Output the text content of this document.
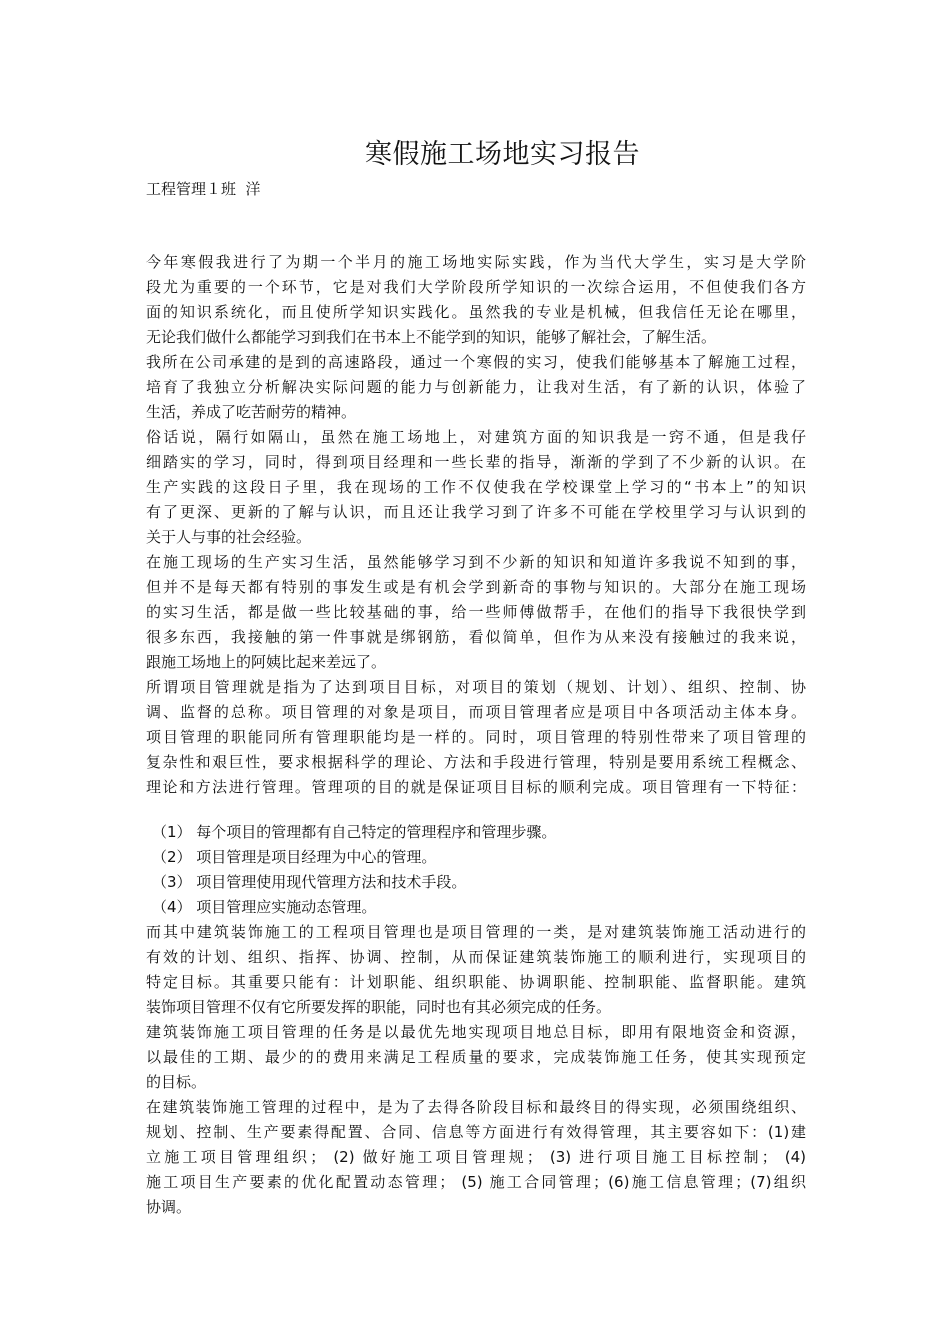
寒假施工场地实习报告
工程管理１班  洋
今年寒假我进行了为期一个半月的施工场地实际实践，作为当代大学生，实习是大学阶
段尤为重要的一个环节，它是对我们大学阶段所学知识的一次综合运用，不但使我们各方
面的知识系统化，而且使所学知识实践化。虽然我的专业是机械，但我信任无论在哪里，
无论我们做什么都能学习到我们在书本上不能学到的知识，能够了解社会，了解生活。
我所在公司承建的是到的高速路段，通过一个寒假的实习，使我们能够基本了解施工过程，
培育了我独立分析解决实际问题的能力与创新能力，让我对生活，有了新的认识，体验了
生活，养成了吃苦耐劳的精神。
俗话说，隔行如隔山，虽然在施工场地上，对建筑方面的知识我是一窍不通，但是我仔
细踏实的学习，同时，得到项目经理和一些长辈的指导，渐渐的学到了不少新的认识。在
生产实践的这段日子里，我在现场的工作不仅使我在学校课堂上学习的“书本上”的知识
有了更深、更新的了解与认识，而且还让我学习到了许多不可能在学校里学习与认识到的
关于人与事的社会经验。
在施工现场的生产实习生活，虽然能够学习到不少新的知识和知道许多我说不知到的事，
但并不是每天都有特别的事发生或是有机会学到新奇的事物与知识的。大部分在施工现场
的实习生活，都是做一些比较基础的事，给一些师傅做帮手，在他们的指导下我很快学到
很多东西，我接触的第一件事就是绑钢筋，看似简单，但作为从来没有接触过的我来说，
跟施工场地上的阿姨比起来差远了。
所谓项目管理就是指为了达到项目目标，对项目的策划（规划、计划）、组织、控制、协
调、监督的总称。项目管理的对象是项目，而项目管理者应是项目中各项活动主体本身。
项目管理的职能同所有管理职能均是一样的。同时，项目管理的特别性带来了项目管理的
复杂性和艰巨性，要求根据科学的理论、方法和手段进行管理，特别是要用系统工程概念、
理论和方法进行管理。管理项的目的就是保证项目目标的顺利完成。项目管理有一下特征：
（1） 每个项目的管理都有自己特定的管理程序和管理步骤。
（2） 项目管理是项目经理为中心的管理。
（3） 项目管理使用现代管理方法和技术手段。
（4） 项目管理应实施动态管理。
而其中建筑装饰施工的工程项目管理也是项目管理的一类，是对建筑装饰施工活动进行的
有效的计划、组织、指挥、协调、控制，从而保证建筑装饰施工的顺利进行，实现项目的
特定目标。其重要只能有：计划职能、组织职能、协调职能、控制职能、监督职能。建筑
装饰项目管理不仅有它所要发挥的职能，同时也有其必须完成的任务。
建筑装饰施工项目管理的任务是以最优先地实现项目地总目标，即用有限地资金和资源，
以最佳的工期、最少的的费用来满足工程质量的要求，完成装饰施工任务，使其实现预定
的目标。
在建筑装饰施工管理的过程中，是为了去得各阶段目标和最终目的得实现，必须围绕组织、
规划、控制、生产要素得配置、合同、信息等方面进行有效得管理，其主要容如下：(1)建
立施工项目管理组织； (2) 做好施工项目管理规； (3) 进行项目施工目标控制； (4)
施工项目生产要素的优化配置动态管理； (5) 施工合同管理；(6)施工信息管理；(7)组织
协调。
